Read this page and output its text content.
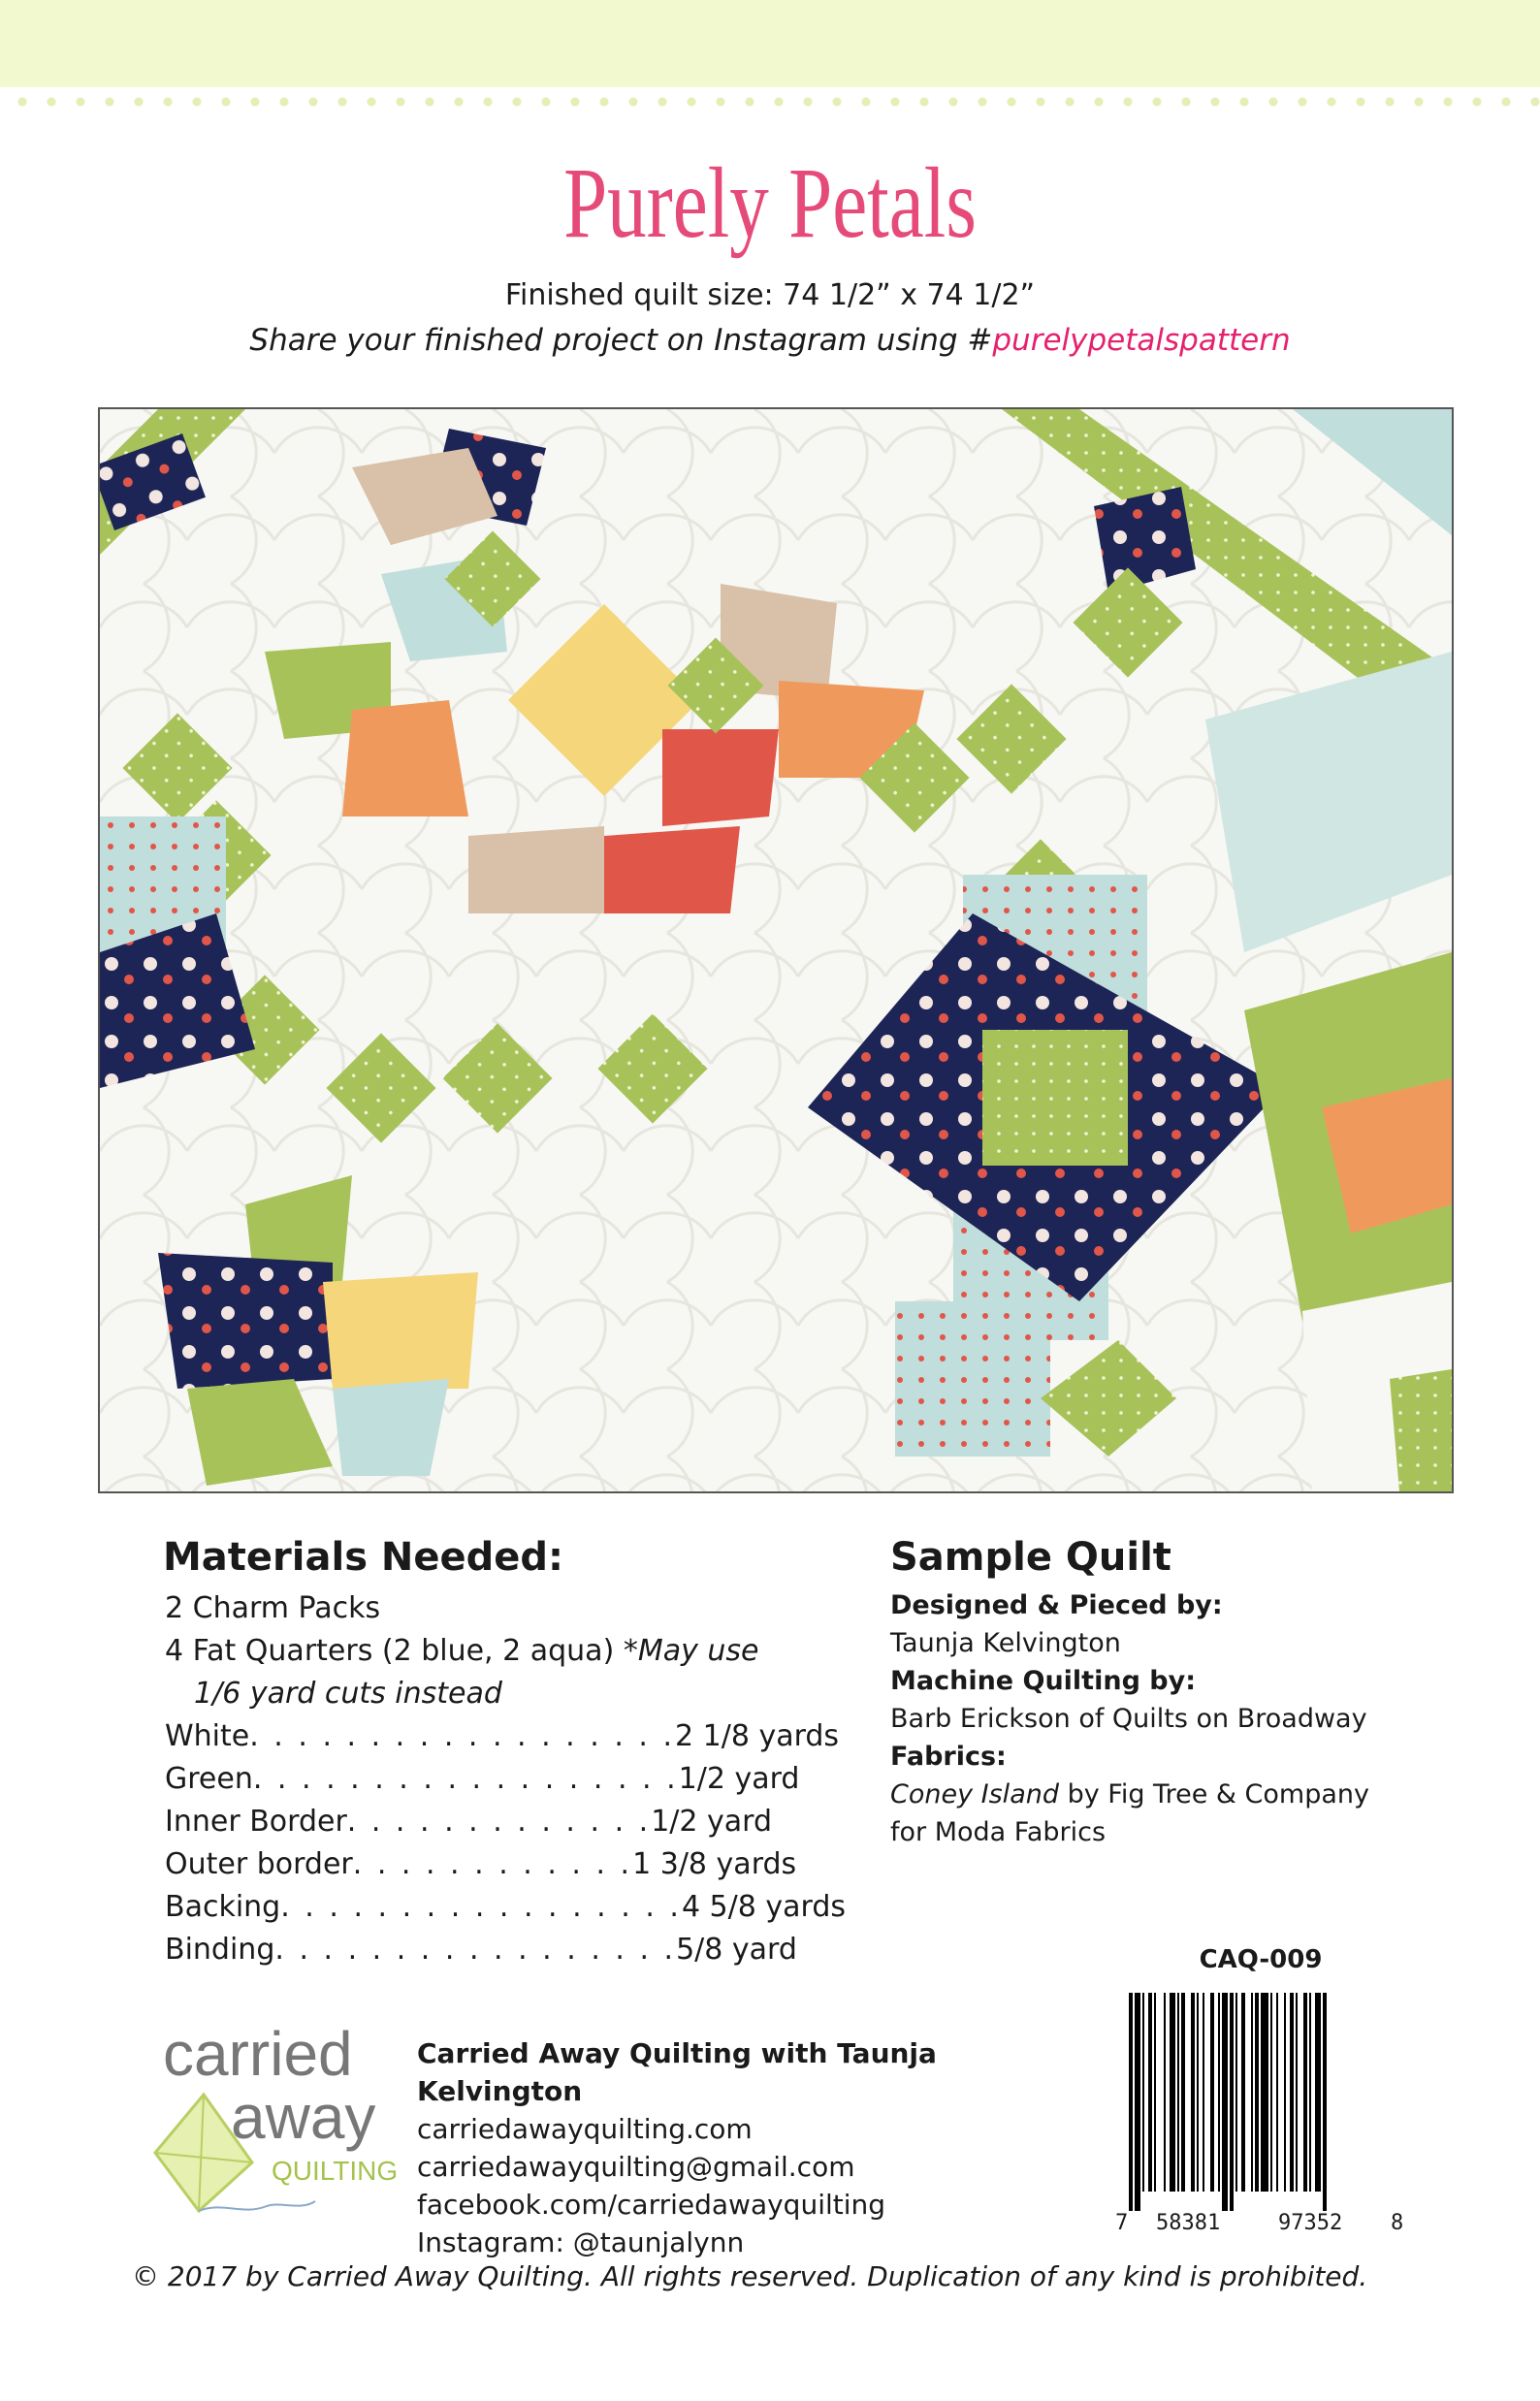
Purely Petals
Finished quilt size: 74 1/2” x 74 1/2”
Share your finished project on Instagram using #purelypetalspattern
Materials Needed:
2 Charm Packs
4 Fat Quarters (2 blue, 2 aqua) *May use
1/6 yard cuts instead
White . . . . . . . . . . . . . . . . . . 2 1/8 yards
Green . . . . . . . . . . . . . . . . . . 1/2 yard
Inner Border . . . . . . . . . . . . . 1/2 yard
Outer border . . . . . . . . . . . . 1 3/8 yards
Backing . . . . . . . . . . . . . . . . . 4 5/8 yards
Binding . . . . . . . . . . . . . . . . . 5/8 yard
Sample Quilt
Designed & Pieced by:
Taunja Kelvington
Machine Quilting by:
Barb Erickson of Quilts on Broadway
Fabrics:
Coney Island by Fig Tree & Company
for Moda Fabrics
CAQ-009
7 58381	97352 8
carried
away
QUILTING
Carried Away Quilting with Taunja Kelvington
carriedawayquilting.com
carriedawayquilting@gmail.com
facebook.com/carriedawayquilting
Instagram: @taunjalynn
© 2017 by Carried Away Quilting. All rights reserved. Duplication of any kind is prohibited.
